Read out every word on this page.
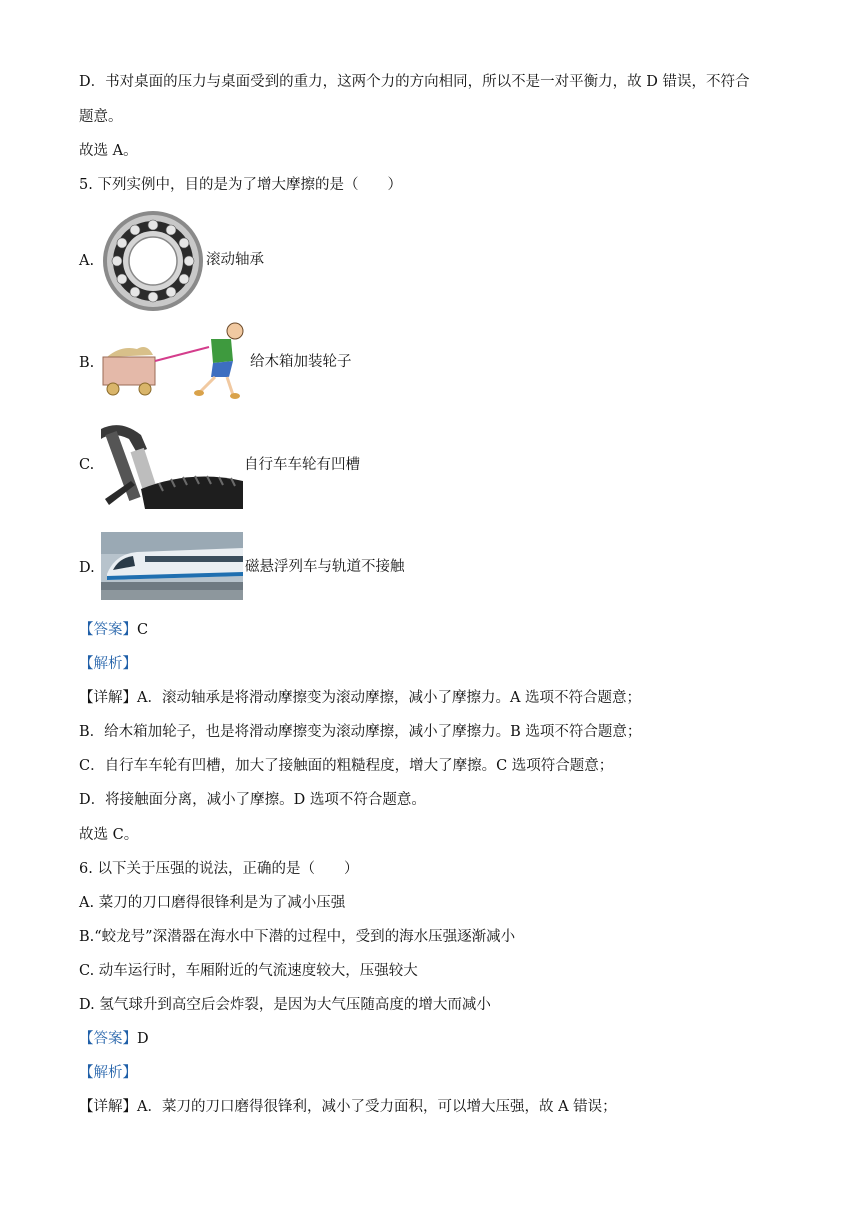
D．书对桌面的压力与桌面受到的重力，这两个力的方向相同，所以不是一对平衡力，故 D 错误，不符合
题意。
故选 A。
5. 下列实例中，目的是为了增大摩擦的是（　　）
A.	滚动轴承
B.	给木箱加装轮子
C.	自行车车轮有凹槽
D.	磁悬浮列车与轨道不接触
【答案】C
【解析】
【详解】A．滚动轴承是将滑动摩擦变为滚动摩擦，减小了摩擦力。A 选项不符合题意；
B．给木箱加轮子，也是将滑动摩擦变为滚动摩擦，减小了摩擦力。B 选项不符合题意；
C．自行车车轮有凹槽，加大了接触面的粗糙程度，增大了摩擦。C 选项符合题意；
D．将接触面分离，减小了摩擦。D 选项不符合题意。
故选 C。
6. 以下关于压强的说法，正确的是（　　）
A. 菜刀的刀口磨得很锋利是为了减小压强
B.“蛟龙号”深潜器在海水中下潜的过程中，受到的海水压强逐渐减小
C. 动车运行时，车厢附近的气流速度较大，压强较大
D. 氢气球升到高空后会炸裂，是因为大气压随高度的增大而减小
【答案】D
【解析】
【详解】A．菜刀的刀口磨得很锋利，减小了受力面积，可以增大压强，故 A 错误；
